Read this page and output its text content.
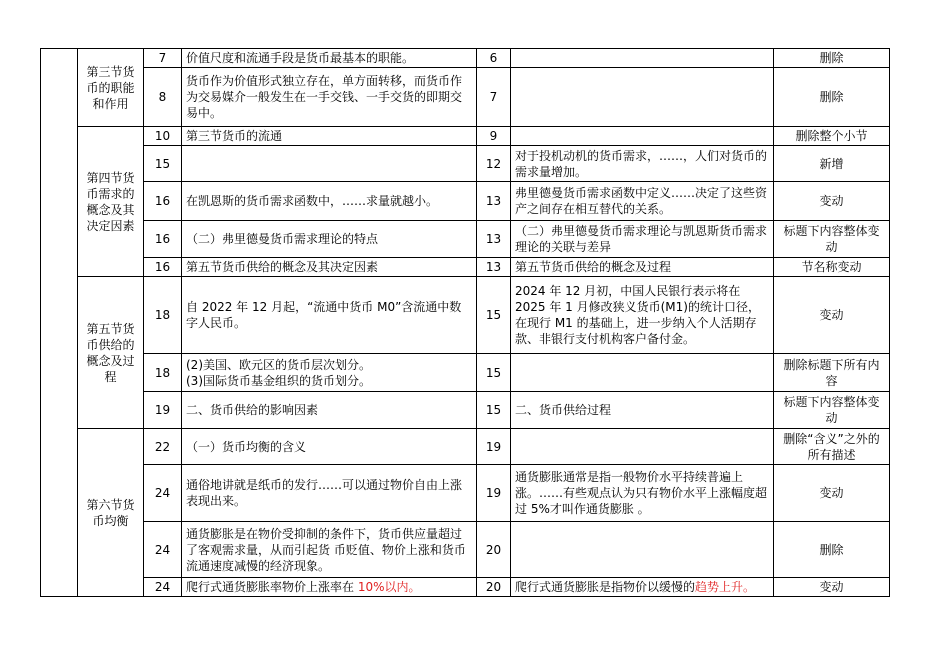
	第三节货币的职能和作用	7	价值尺度和流通手段是货币最基本的职能。	6		删除
		8	货币作为价值形式独立存在，单方面转移，而货币作为交易媒介一般发生在一手交钱、一手交货的即期交易中。	7		删除
	第四节货币需求的概念及其决定因素	10	第三节货币的流通	9		删除整个小节
		15		12	对于投机动机的货币需求，……，人们对货币的需求量增加。	新增
		16	在凯恩斯的货币需求函数中，……求量就越小。	13	弗里德曼货币需求函数中定义……决定了这些资产之间存在相互替代的关系。	变动
		16	（二）弗里德曼货币需求理论的特点	13	（二）弗里德曼货币需求理论与凯恩斯货币需求理论的关联与差异	标题下内容整体变动
		16	第五节货币供给的概念及其决定因素	13	第五节货币供给的概念及过程	节名称变动
	第五节货币供给的概念及过程	18	自 2022 年 12 月起，“流通中货币 M0”含流通中数字人民币。	15	2024 年 12 月初，中国人民银行表示将在 2025 年 1 月修改狭义货币(M1)的统计口径，在现行 M1 的基础上，进一步纳入个人活期存款、非银行支付机构客户备付金。	变动
		18	(2)美国、欧元区的货币层次划分。
(3)国际货币基金组织的货币划分。	15		删除标题下所有内容
		19	二、货币供给的影响因素	15	二、货币供给过程	标题下内容整体变动
	第六节货币均衡	22	（一）货币均衡的含义	19		删除“含义”之外的所有描述
		24	通俗地讲就是纸币的发行……可以通过物价自由上涨表现出来。	19	通货膨胀通常是指一般物价水平持续普遍上涨。……有些观点认为只有物价水平上涨幅度超过 5%才叫作通货膨胀 。	变动
		24	通货膨胀是在物价受抑制的条件下，货币供应量超过了客观需求量，从而引起货 币贬值、物价上涨和货币流通速度减慢的经济现象。	20		删除
		24	爬行式通货膨胀率物价上涨率在 10%以内。	20	爬行式通货膨胀是指物价以缓慢的趋势上升。	变动
